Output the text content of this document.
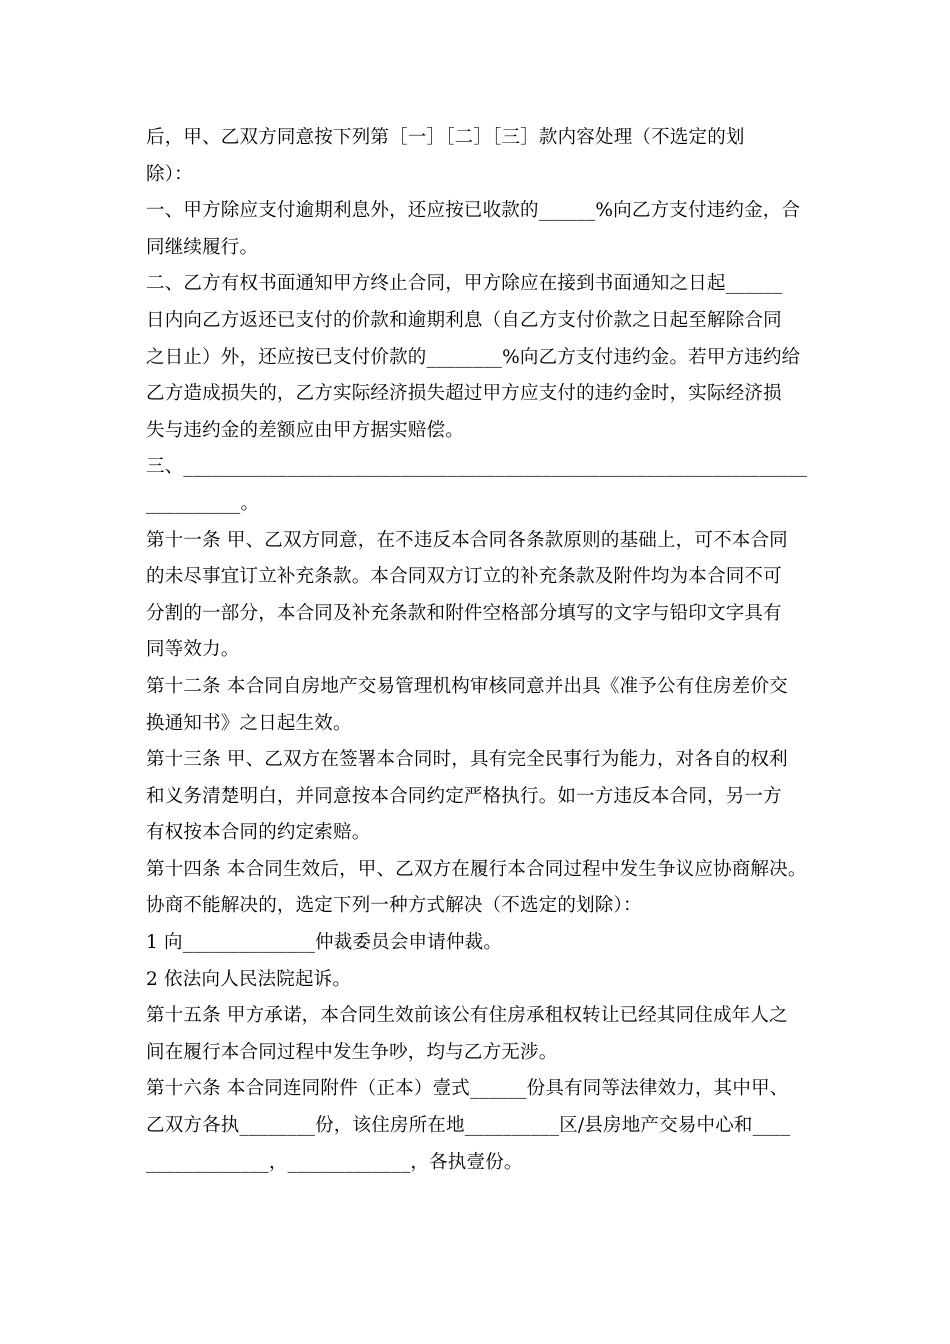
后，甲、乙双方同意按下列第［一］［二］［三］款内容处理（不选定的划
除）：
一、甲方除应支付逾期利息外，还应按已收款的______%向乙方支付违约金，合
同继续履行。
二、乙方有权书面通知甲方终止合同，甲方除应在接到书面通知之日起______
日内向乙方返还已支付的价款和逾期利息（自乙方支付价款之日起至解除合同
之日止）外，还应按已支付价款的________%向乙方支付违约金。若甲方违约给
乙方造成损失的，乙方实际经济损失超过甲方应支付的违约金时，实际经济损
失与违约金的差额应由甲方据实赔偿。
三、__________________________________________________________________
__________。
第十一条 甲、乙双方同意，在不违反本合同各条款原则的基础上，可不本合同
的未尽事宜订立补充条款。本合同双方订立的补充条款及附件均为本合同不可
分割的一部分，本合同及补充条款和附件空格部分填写的文字与铅印文字具有
同等效力。
第十二条 本合同自房地产交易管理机构审核同意并出具《准予公有住房差价交
换通知书》之日起生效。
第十三条 甲、乙双方在签署本合同时，具有完全民事行为能力，对各自的权利
和义务清楚明白，并同意按本合同约定严格执行。如一方违反本合同，另一方
有权按本合同的约定索赔。
第十四条 本合同生效后，甲、乙双方在履行本合同过程中发生争议应协商解决。
协商不能解决的，选定下列一种方式解决（不选定的划除）：
1 向______________仲裁委员会申请仲裁。
2 依法向人民法院起诉。
第十五条 甲方承诺，本合同生效前该公有住房承租权转让已经其同住成年人之
间在履行本合同过程中发生争吵，均与乙方无涉。
第十六条 本合同连同附件（正本）壹式______份具有同等法律效力，其中甲、
乙双方各执________份，该住房所在地__________区/县房地产交易中心和____
_____________，_____________，各执壹份。
